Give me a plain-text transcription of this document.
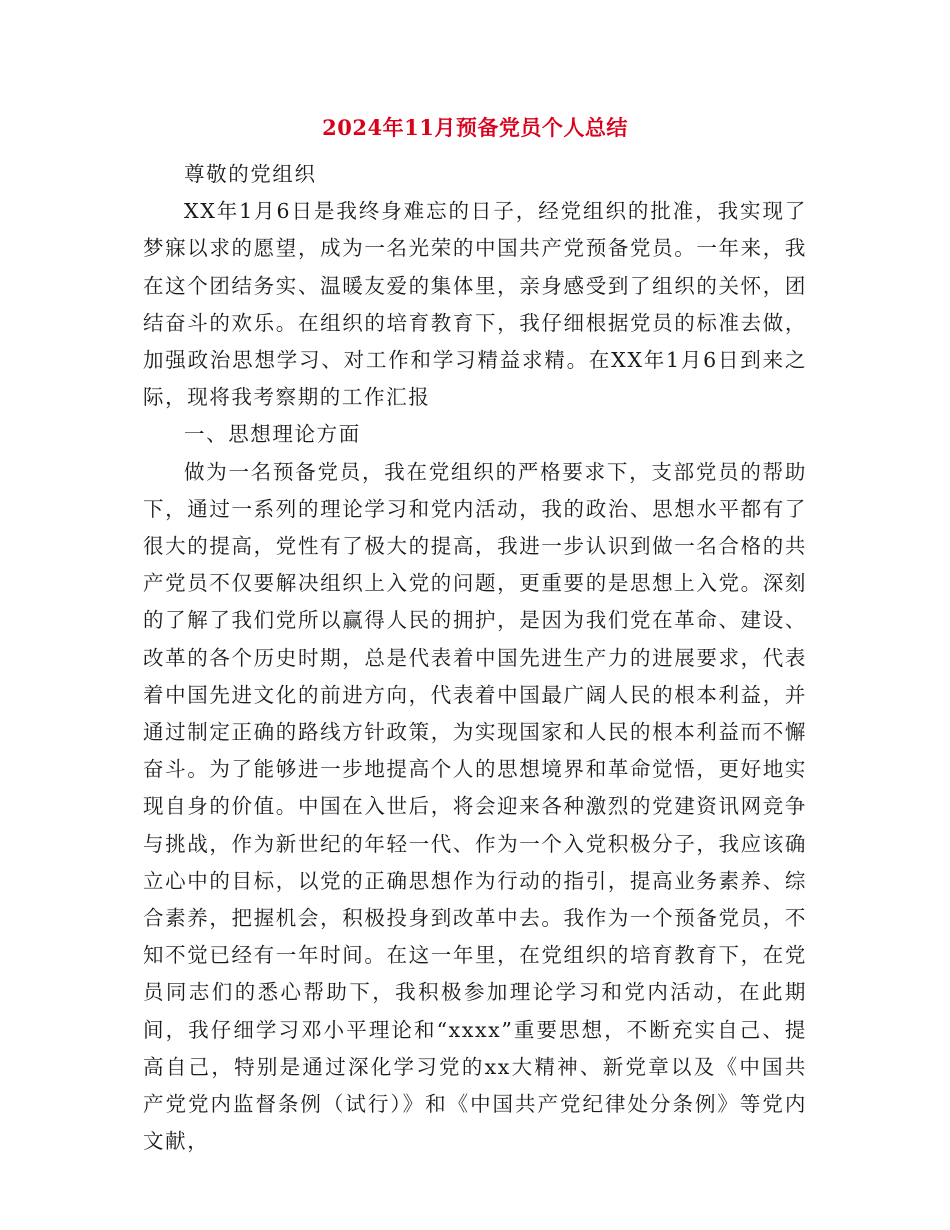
2024年11月预备党员个人总结

尊敬的党组织

XX年1月6日是我终身难忘的日子，经党组织的批准，我实现了梦寐以求的愿望，成为一名光荣的中国共产党预备党员。一年来，我在这个团结务实、温暖友爱的集体里，亲身感受到了组织的关怀，团结奋斗的欢乐。在组织的培育教育下，我仔细根据党员的标准去做，加强政治思想学习、对工作和学习精益求精。在XX年1月6日到来之际，现将我考察期的工作汇报

一、思想理论方面

做为一名预备党员，我在党组织的严格要求下，支部党员的帮助下，通过一系列的理论学习和党内活动，我的政治、思想水平都有了很大的提高，党性有了极大的提高，我进一步认识到做一名合格的共产党员不仅要解决组织上入党的问题，更重要的是思想上入党。深刻的了解了我们党所以赢得人民的拥护，是因为我们党在革命、建设、改革的各个历史时期，总是代表着中国先进生产力的进展要求，代表着中国先进文化的前进方向，代表着中国最广阔人民的根本利益，并通过制定正确的路线方针政策，为实现国家和人民的根本利益而不懈奋斗。为了能够进一步地提高个人的思想境界和革命觉悟，更好地实现自身的价值。中国在入世后，将会迎来各种激烈的党建资讯网竞争与挑战，作为新世纪的年轻一代、作为一个入党积极分子，我应该确立心中的目标，以党的正确思想作为行动的指引，提高业务素养、综合素养，把握机会，积极投身到改革中去。我作为一个预备党员，不知不觉已经有一年时间。在这一年里，在党组织的培育教育下，在党员同志们的悉心帮助下，我积极参加理论学习和党内活动，在此期间，我仔细学习邓小平理论和“xxxx”重要思想，不断充实自己、提高自己，特别是通过深化学习党的xx大精神、新党章以及《中国共产党党内监督条例（试行）》和《中国共产党纪律处分条例》等党内文献，
